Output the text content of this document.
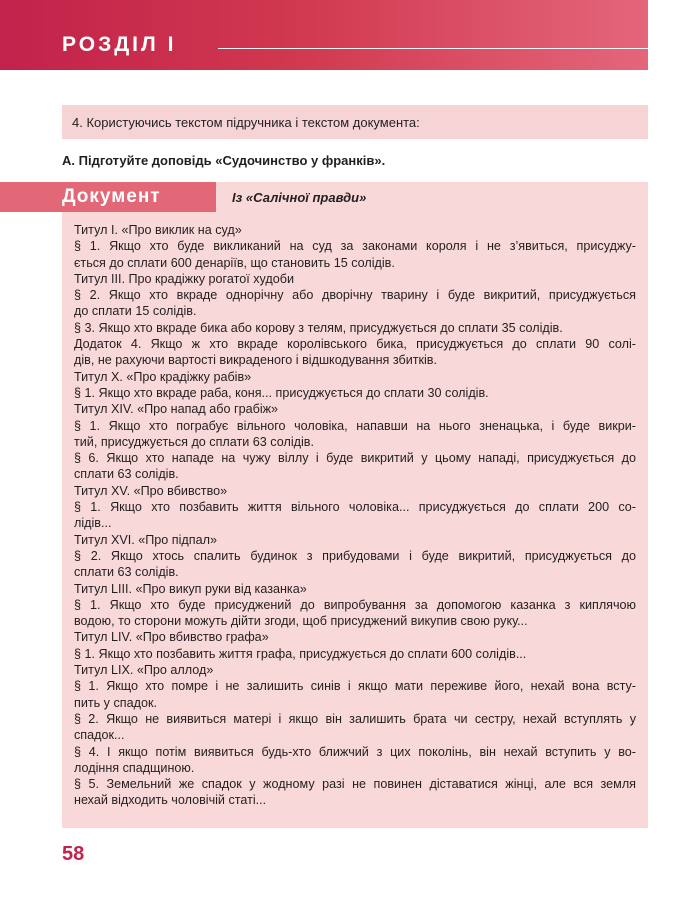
РОЗДІЛ I
4. Користуючись текстом підручника і текстом документа:
А. Підготуйте доповідь «Судочинство у франків».
Документ	Із «Салічної правди»
Титул I. «Про виклик на суд»
§ 1. Якщо хто буде викликаний на суд за законами короля і не з’явиться, присуджу-
ється до сплати 600 денаріїв, що становить 15 солідів.
Титул III. Про крадіжку рогатої худоби
§ 2. Якщо хто вкраде однорічну або дворічну тварину і буде викритий, присуджується
до сплати 15 солідів.
§ 3. Якщо хто вкраде бика або корову з телям, присуджується до сплати 35 солідів.
Додаток 4. Якщо ж хто вкраде королівського бика, присуджується до сплати 90 солі-
дів, не рахуючи вартості викраденого і відшкодування збитків.
Титул X. «Про крадіжку рабів»
§ 1. Якщо хто вкраде раба, коня... присуджується до сплати 30 солідів.
Титул XIV. «Про напад або грабіж»
§ 1. Якщо хто пограбує вільного чоловіка, напавши на нього зненацька, і буде викри-
тий, присуджується до сплати 63 солідів.
§ 6. Якщо хто нападе на чужу віллу і буде викритий у цьому нападі, присуджується до
сплати 63 солідів.
Титул XV. «Про вбивство»
§ 1. Якщо хто позбавить життя вільного чоловіка... присуджується до сплати 200 со-
лідів...
Титул XVI. «Про підпал»
§ 2. Якщо хтось спалить будинок з прибудовами і буде викритий, присуджується до
сплати 63 солідів.
Титул LIII. «Про викуп руки від казанка»
§ 1. Якщо хто буде присуджений до випробування за допомогою казанка з киплячою
водою, то сторони можуть дійти згоди, щоб присуджений викупив свою руку...
Титул LIV. «Про вбивство графа»
§ 1. Якщо хто позбавить життя графа, присуджується до сплати 600 солідів...
Титул LIX. «Про аллод»
§ 1. Якщо хто помре і не залишить синів і якщо мати переживе його, нехай вона всту-
пить у спадок.
§ 2. Якщо не виявиться матері і якщо він залишить брата чи сестру, нехай вступлять у
спадок...
§ 4. І якщо потім виявиться будь-хто ближчий з цих поколінь, він нехай вступить у во-
лодіння спадщиною.
§ 5. Земельний же спадок у жодному разі не повинен діставатися жінці, але вся земля
нехай відходить чоловічій статі...
58
